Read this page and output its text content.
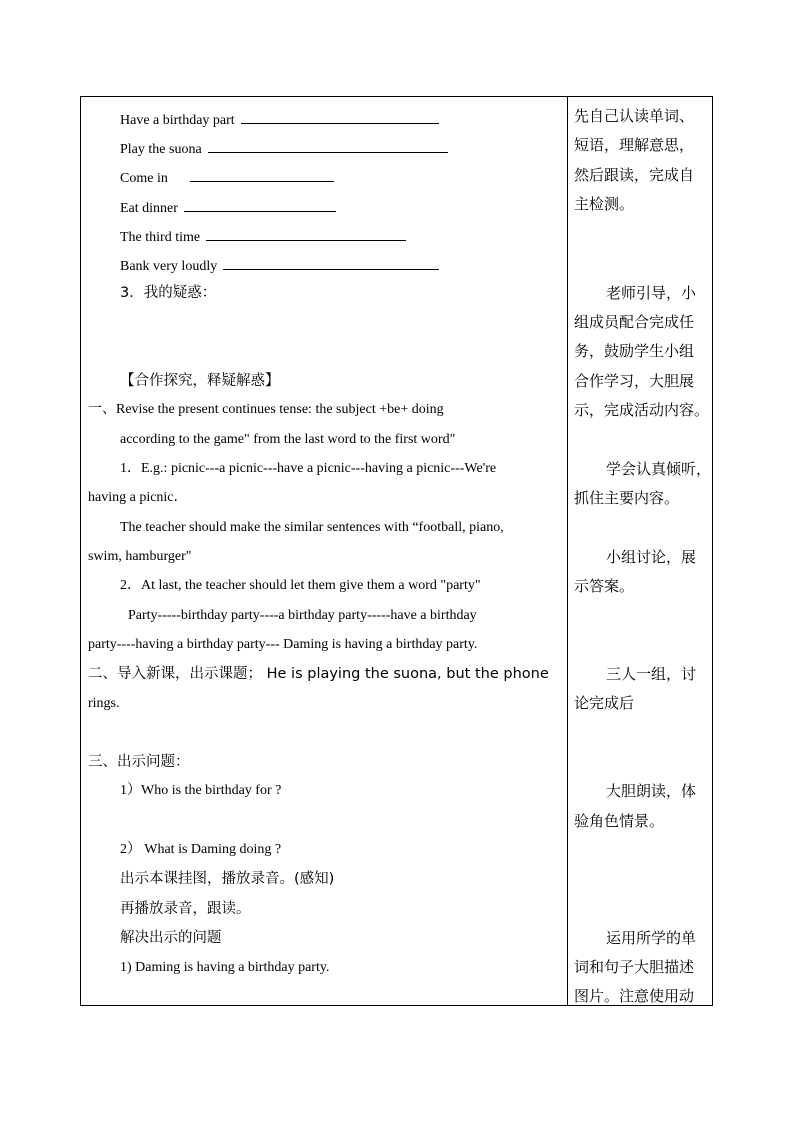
Have a birthday part
Play the suona
Come in
Eat dinner
The third time
Bank very loudly
3．我的疑惑：
【合作探究，释疑解惑】
一、Revise the present continues tense: the subject +be+ doing
according to the game" from the last word to the first word"
1．E.g.: picnic---a picnic---have a picnic---having a picnic---We're
having a picnic．
The teacher should make the similar sentences with “football, piano,
swim, hamburger"
2．At last, the teacher should let them give them a word "party"
Party-----birthday party----a birthday party-----have a birthday
party----having a birthday party--- Daming is having a birthday party.
二、导入新课，出示课题； He is playing the suona, but the phone
rings.
三、出示问题：
1）Who is the birthday for ?
2） What is Daming doing ?
出示本课挂图，播放录音。(感知)
再播放录音，跟读。
解决出示的问题
1) Daming is having a birthday party.
先自己认读单词、
短语，理解意思，
然后跟读，完成自
主检测。
老师引导，小
组成员配合完成任
务，鼓励学生小组
合作学习，大胆展
示，完成活动内容。
学会认真倾听，
抓住主要内容。
小组讨论，展
示答案。
三人一组，讨
论完成后
大胆朗读，体
验角色情景。
运用所学的单
词和句子大胆描述
图片。注意使用动
